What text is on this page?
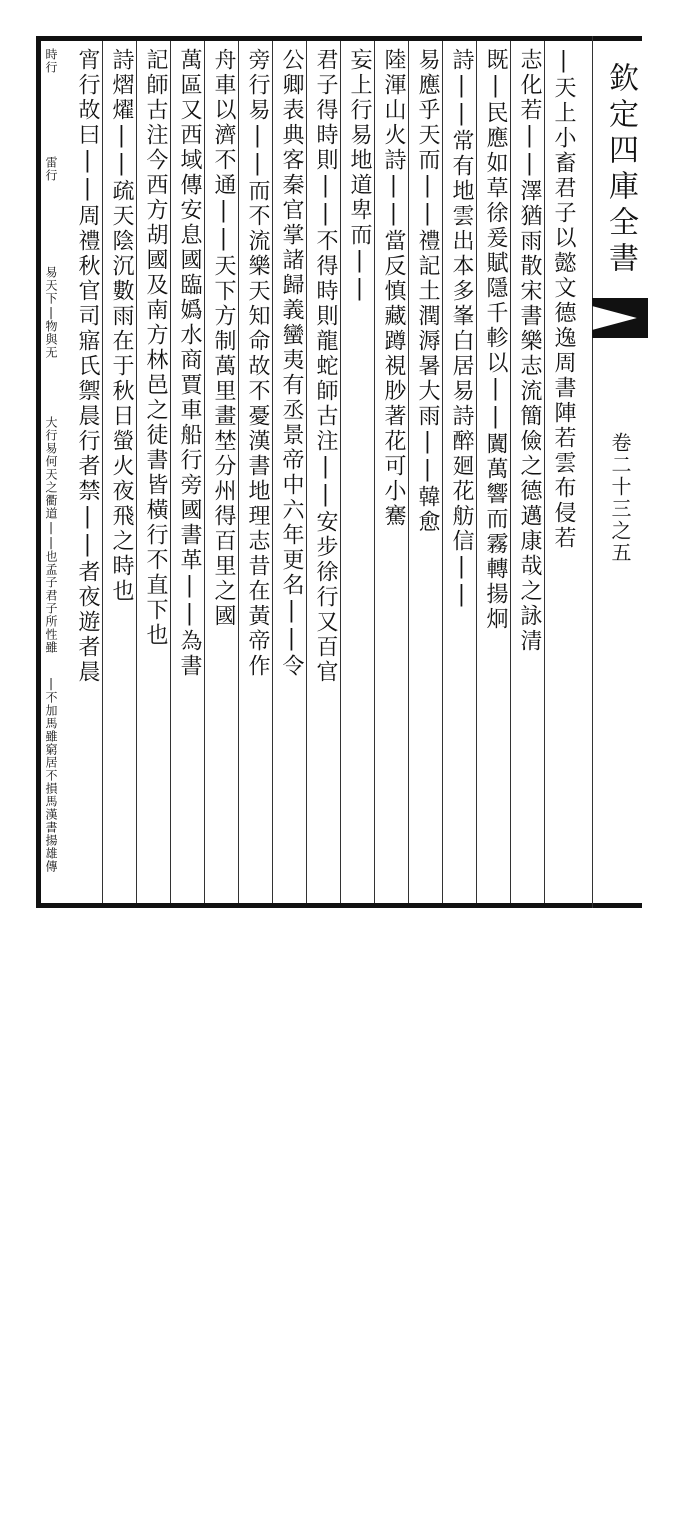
|天上小畜君子以懿文德逸周書陣若雲布侵若
志化若||澤猶雨散宋書樂志流簡儉之德邁康哉之詠清
既|民應如草徐爰賦隱千軫以||闐萬響而霧轉揚炯
詩||常有地雲出本多峯白居易詩醉廻花舫信||
易應乎天而||禮記土潤溽暑大雨||韓愈
陸渾山火詩||當反慎藏蹲視䏚著花可小騫
妄上行易地道卑而||
君子得時則||不得時則龍蛇師古注||安步徐行又百官
公卿表典客秦官掌諸歸義蠻夷有丞景帝中六年更名||令
旁行易||而不流樂天知命故不憂漢書地理志昔在黃帝作
舟車以濟不通||天下方制萬里畫埜分州得百里之國
萬區又西域傳安息國臨嬀水商賈車船行旁國書革||為書
記師古注今西方胡國及南方林邑之徒書皆橫行不直下也
詩熠燿||疏天陰沉數雨在于秋日螢火夜飛之時也
宵行故曰||周禮秋官司寤氏禦晨行者禁||者夜遊者晨
時行
雷行
易天下|物與无
大行易何天之衢道||也孟子君子所性雖
|不加馬雖窮居不損馬漢書揚雄傳
欽定四庫全書
卷二十三之五
